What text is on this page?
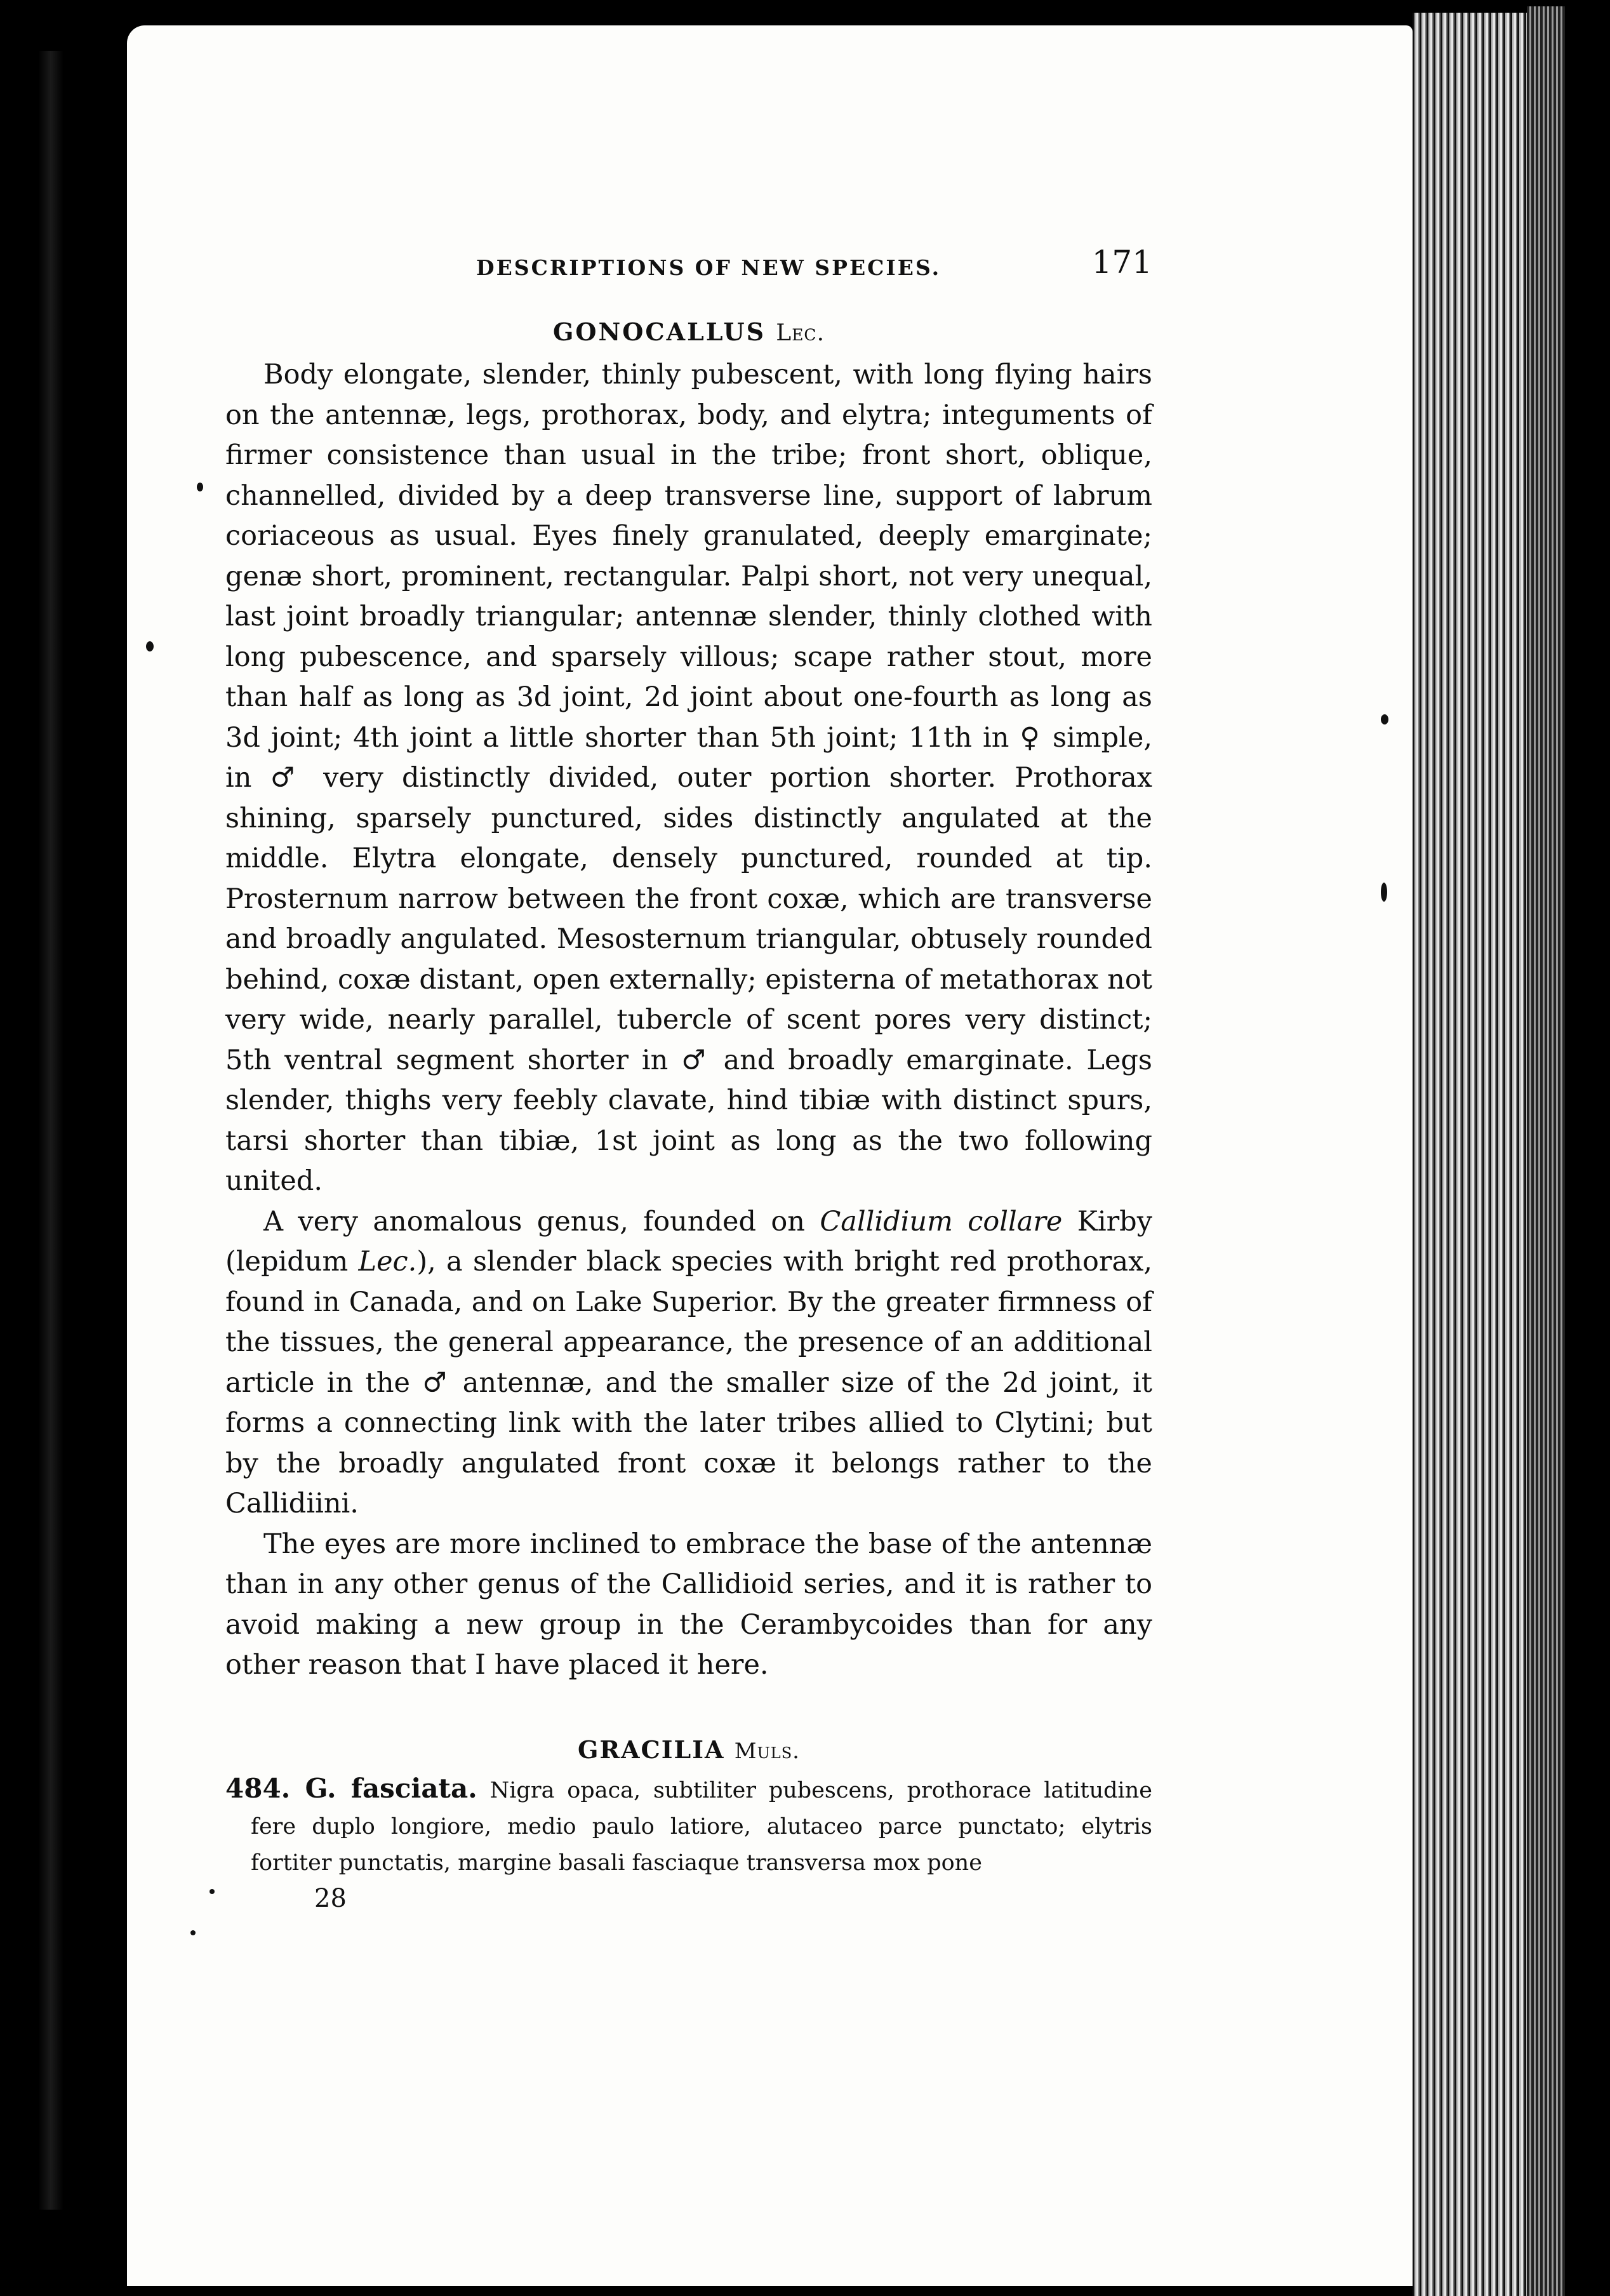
DESCRIPTIONS OF NEW SPECIES.	171
GONOCALLUS Lec.

Body elongate, slender, thinly pubescent, with long flying hairs on the antennæ, legs, prothorax, body, and elytra; integuments of firmer consistence than usual in the tribe; front short, oblique, channelled, divided by a deep transverse line, support of labrum coriaceous as usual. Eyes finely granulated, deeply emarginate; genæ short, prominent, rectangular. Palpi short, not very unequal, last joint broadly triangular; antennæ slender, thinly clothed with long pubescence, and sparsely villous; scape rather stout, more than half as long as 3d joint, 2d joint about one-fourth as long as 3d joint; 4th joint a little shorter than 5th joint; 11th in ♀ simple, in ♂ very distinctly divided, outer portion shorter. Prothorax shining, sparsely punctured, sides distinctly angulated at the middle. Elytra elongate, densely punctured, rounded at tip. Prosternum narrow between the front coxæ, which are transverse and broadly angulated. Mesosternum triangular, obtusely rounded behind, coxæ distant, open externally; episterna of metathorax not very wide, nearly parallel, tubercle of scent pores very distinct; 5th ventral segment shorter in ♂ and broadly emarginate. Legs slender, thighs very feebly clavate, hind tibiæ with distinct spurs, tarsi shorter than tibiæ, 1st joint as long as the two following united.

A very anomalous genus, founded on Callidium collare Kirby (lepidum Lec.), a slender black species with bright red prothorax, found in Canada, and on Lake Superior. By the greater firmness of the tissues, the general appearance, the presence of an additional article in the ♂ antennæ, and the smaller size of the 2d joint, it forms a connecting link with the later tribes allied to Clytini; but by the broadly angulated front coxæ it belongs rather to the Callidiini.

The eyes are more inclined to embrace the base of the antennæ than in any other genus of the Callidioid series, and it is rather to avoid making a new group in the Cerambycoides than for any other reason that I have placed it here.

GRACILIA Muls.

484. G. fasciata. Nigra opaca, subtiliter pubescens, prothorace latitudine fere duplo longiore, medio paulo latiore, alutaceo parce punctato; elytris fortiter punctatis, margine basali fasciaque transversa mox pone

28
